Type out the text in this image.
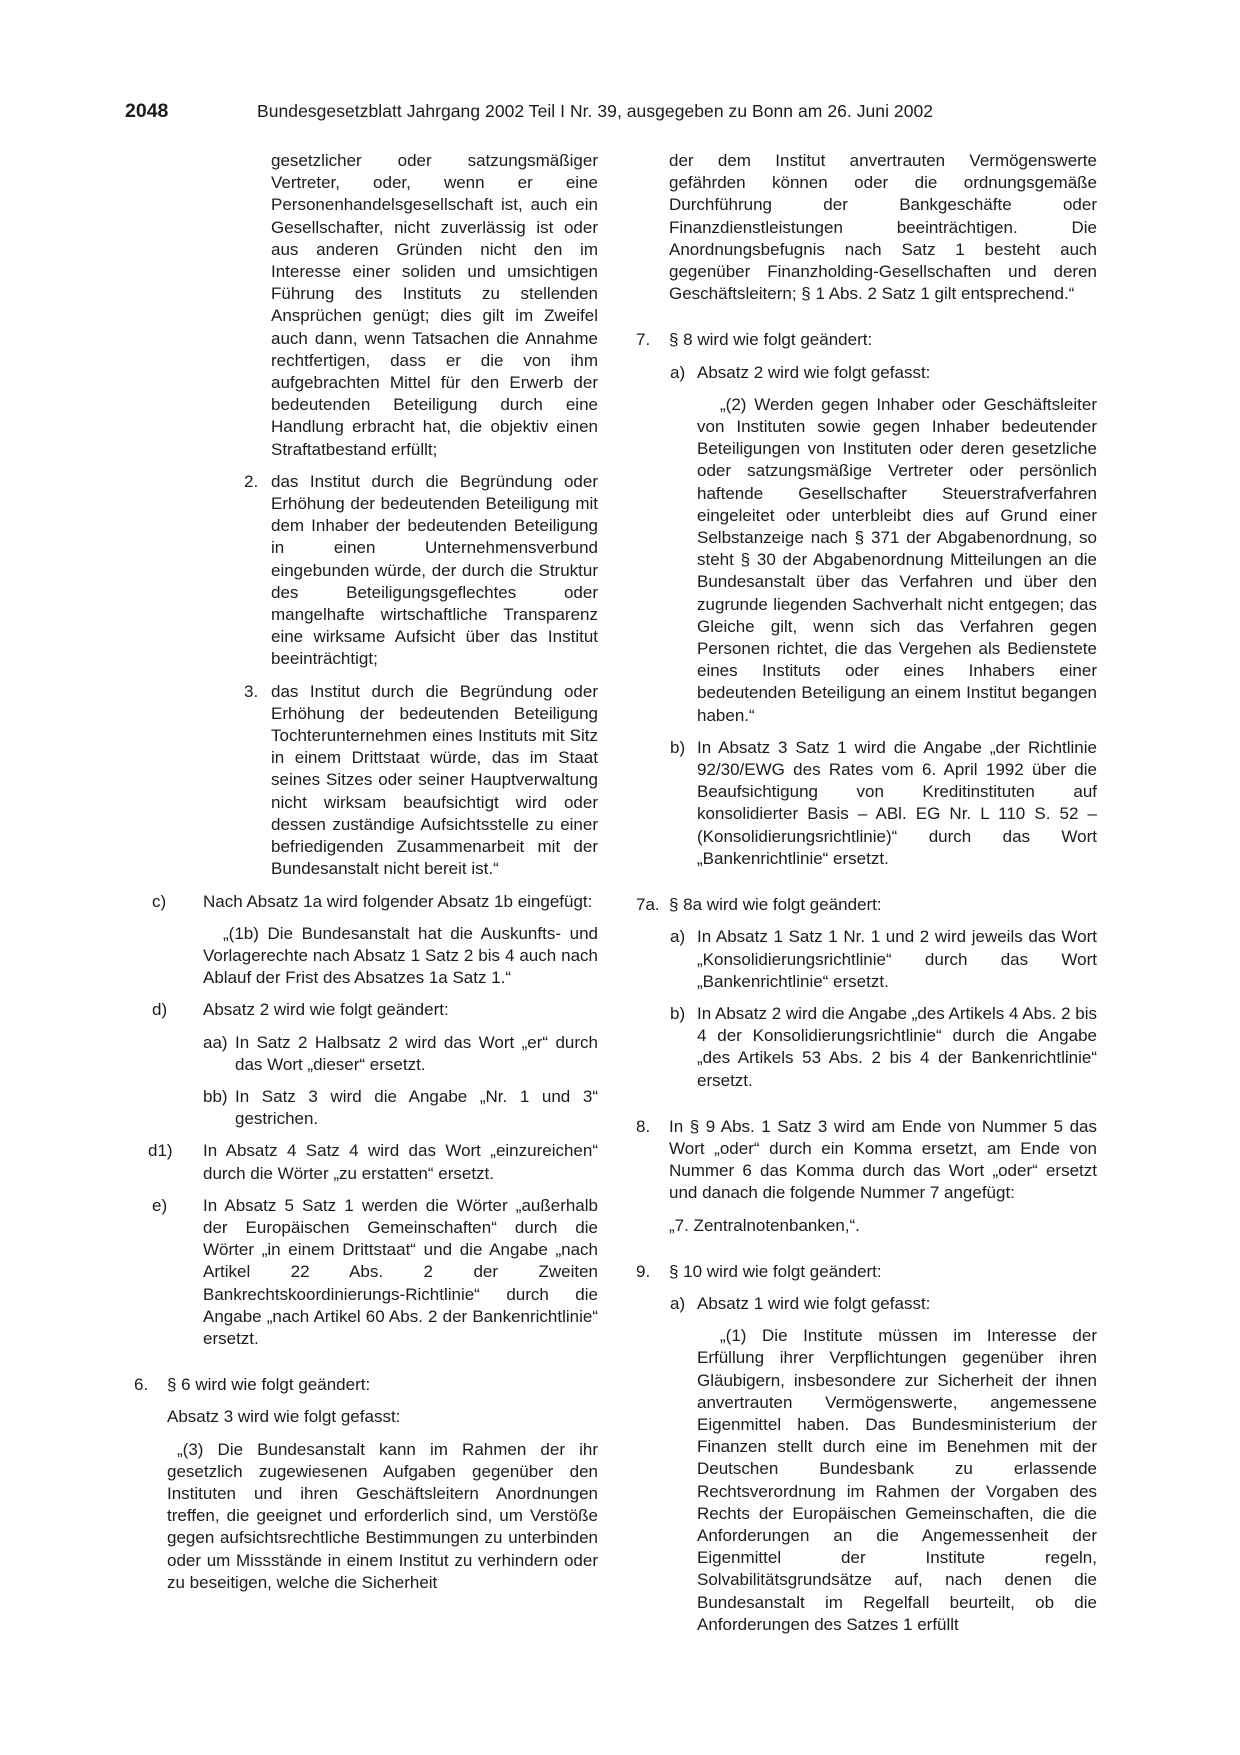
2048	Bundesgesetzblatt Jahrgang 2002 Teil I Nr. 39, ausgegeben zu Bonn am 26. Juni 2002

gesetzlicher oder satzungsmäßiger Vertreter, oder, wenn er eine Personenhandelsgesellschaft ist, auch ein Gesellschafter, nicht zuverlässig ist oder aus anderen Gründen nicht den im Interesse einer soliden und umsichtigen Führung des Instituts zu stellenden Ansprüchen genügt; dies gilt im Zweifel auch dann, wenn Tatsachen die Annahme rechtfertigen, dass er die von ihm aufgebrachten Mittel für den Erwerb der bedeutenden Beteiligung durch eine Handlung erbracht hat, die objektiv einen Straftatbestand erfüllt;

2. das Institut durch die Begründung oder Erhöhung der bedeutenden Beteiligung mit dem Inhaber der bedeutenden Beteiligung in einen Unternehmensverbund eingebunden würde, der durch die Struktur des Beteiligungsgeflechtes oder mangelhafte wirtschaftliche Transparenz eine wirksame Aufsicht über das Institut beeinträchtigt;

3. das Institut durch die Begründung oder Erhöhung der bedeutenden Beteiligung Tochterunternehmen eines Instituts mit Sitz in einem Drittstaat würde, das im Staat seines Sitzes oder seiner Hauptverwaltung nicht wirksam beaufsichtigt wird oder dessen zuständige Aufsichtsstelle zu einer befriedigenden Zusammenarbeit mit der Bundesanstalt nicht bereit ist.“

c) Nach Absatz 1a wird folgender Absatz 1b eingefügt:

„(1b) Die Bundesanstalt hat die Auskunfts- und Vorlagerechte nach Absatz 1 Satz 2 bis 4 auch nach Ablauf der Frist des Absatzes 1a Satz 1.“

d) Absatz 2 wird wie folgt geändert:

aa) In Satz 2 Halbsatz 2 wird das Wort „er“ durch das Wort „dieser“ ersetzt.

bb) In Satz 3 wird die Angabe „Nr. 1 und 3“ gestrichen.

d1) In Absatz 4 Satz 4 wird das Wort „einzureichen“ durch die Wörter „zu erstatten“ ersetzt.

e) In Absatz 5 Satz 1 werden die Wörter „außerhalb der Europäischen Gemeinschaften“ durch die Wörter „in einem Drittstaat“ und die Angabe „nach Artikel 22 Abs. 2 der Zweiten Bankrechtskoordinierungs-Richtlinie“ durch die Angabe „nach Artikel 60 Abs. 2 der Bankenrichtlinie“ ersetzt.

6. § 6 wird wie folgt geändert:

Absatz 3 wird wie folgt gefasst:

„(3) Die Bundesanstalt kann im Rahmen der ihr gesetzlich zugewiesenen Aufgaben gegenüber den Instituten und ihren Geschäftsleitern Anordnungen treffen, die geeignet und erforderlich sind, um Verstöße gegen aufsichtsrechtliche Bestimmungen zu unterbinden oder um Missstände in einem Institut zu verhindern oder zu beseitigen, welche die Sicherheit

der dem Institut anvertrauten Vermögenswerte gefährden können oder die ordnungsgemäße Durchführung der Bankgeschäfte oder Finanzdienstleistungen beeinträchtigen. Die Anordnungsbefugnis nach Satz 1 besteht auch gegenüber Finanzholding-Gesellschaften und deren Geschäftsleitern; § 1 Abs. 2 Satz 1 gilt entsprechend.“

7. § 8 wird wie folgt geändert:

a) Absatz 2 wird wie folgt gefasst:

„(2) Werden gegen Inhaber oder Geschäftsleiter von Instituten sowie gegen Inhaber bedeutender Beteiligungen von Instituten oder deren gesetzliche oder satzungsmäßige Vertreter oder persönlich haftende Gesellschafter Steuerstrafverfahren eingeleitet oder unterbleibt dies auf Grund einer Selbstanzeige nach § 371 der Abgabenordnung, so steht § 30 der Abgabenordnung Mitteilungen an die Bundesanstalt über das Verfahren und über den zugrunde liegenden Sachverhalt nicht entgegen; das Gleiche gilt, wenn sich das Verfahren gegen Personen richtet, die das Vergehen als Bedienstete eines Instituts oder eines Inhabers einer bedeutenden Beteiligung an einem Institut begangen haben.“

b) In Absatz 3 Satz 1 wird die Angabe „der Richtlinie 92/30/EWG des Rates vom 6. April 1992 über die Beaufsichtigung von Kreditinstituten auf konsolidierter Basis – ABl. EG Nr. L 110 S. 52 – (Konsolidierungsrichtlinie)“ durch das Wort „Bankenrichtlinie“ ersetzt.

7a. § 8a wird wie folgt geändert:

a) In Absatz 1 Satz 1 Nr. 1 und 2 wird jeweils das Wort „Konsolidierungsrichtlinie“ durch das Wort „Bankenrichtlinie“ ersetzt.

b) In Absatz 2 wird die Angabe „des Artikels 4 Abs. 2 bis 4 der Konsolidierungsrichtlinie“ durch die Angabe „des Artikels 53 Abs. 2 bis 4 der Bankenrichtlinie“ ersetzt.

8. In § 9 Abs. 1 Satz 3 wird am Ende von Nummer 5 das Wort „oder“ durch ein Komma ersetzt, am Ende von Nummer 6 das Komma durch das Wort „oder“ ersetzt und danach die folgende Nummer 7 angefügt:

„7. Zentralnotenbanken,“.

9. § 10 wird wie folgt geändert:

a) Absatz 1 wird wie folgt gefasst:

„(1) Die Institute müssen im Interesse der Erfüllung ihrer Verpflichtungen gegenüber ihren Gläubigern, insbesondere zur Sicherheit der ihnen anvertrauten Vermögenswerte, angemessene Eigenmittel haben. Das Bundesministerium der Finanzen stellt durch eine im Benehmen mit der Deutschen Bundesbank zu erlassende Rechtsverordnung im Rahmen der Vorgaben des Rechts der Europäischen Gemeinschaften, die die Anforderungen an die Angemessenheit der Eigenmittel der Institute regeln, Solvabilitätsgrundsätze auf, nach denen die Bundesanstalt im Regelfall beurteilt, ob die Anforderungen des Satzes 1 erfüllt
